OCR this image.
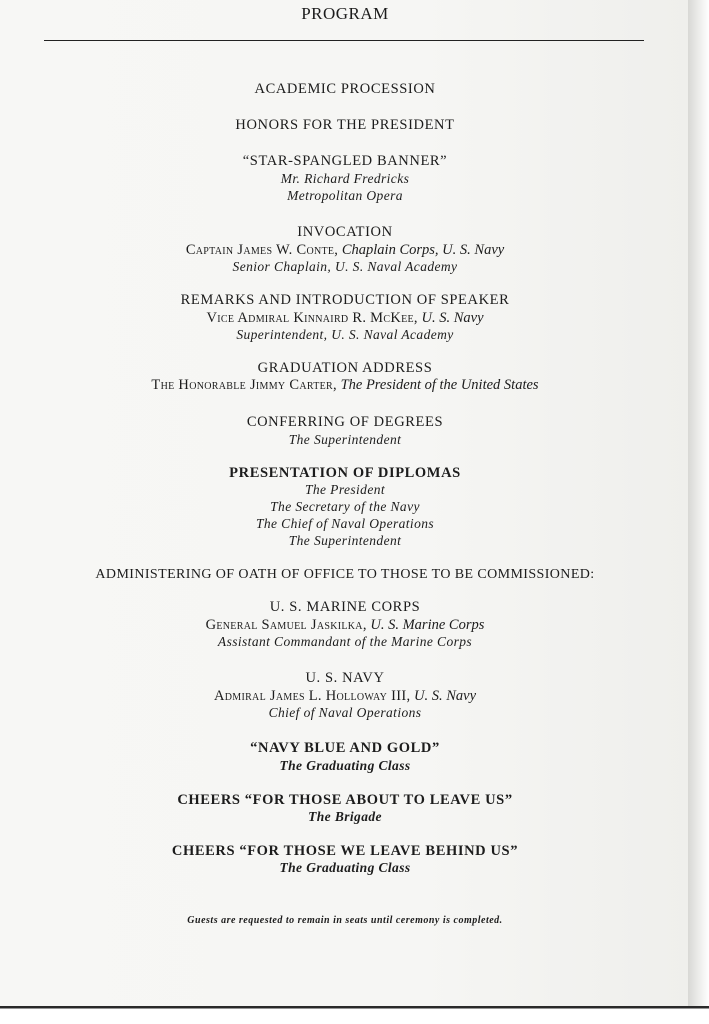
PROGRAM
ACADEMIC PROCESSION
HONORS FOR THE PRESIDENT
“STAR-SPANGLED BANNER”
Mr. Richard Fredricks
Metropolitan Opera
INVOCATION
Captain James W. Conte, Chaplain Corps, U. S. Navy
Senior Chaplain, U. S. Naval Academy
REMARKS AND INTRODUCTION OF SPEAKER
Vice Admiral Kinnaird R. McKee, U. S. Navy
Superintendent, U. S. Naval Academy
GRADUATION ADDRESS
The Honorable Jimmy Carter, The President of the United States
CONFERRING OF DEGREES
The Superintendent
PRESENTATION OF DIPLOMAS
The President
The Secretary of the Navy
The Chief of Naval Operations
The Superintendent
ADMINISTERING OF OATH OF OFFICE TO THOSE TO BE COMMISSIONED:
U. S. MARINE CORPS
General Samuel Jaskilka, U. S. Marine Corps
Assistant Commandant of the Marine Corps
U. S. NAVY
Admiral James L. Holloway III, U. S. Navy
Chief of Naval Operations
“NAVY BLUE AND GOLD”
The Graduating Class
CHEERS “FOR THOSE ABOUT TO LEAVE US”
The Brigade
CHEERS “FOR THOSE WE LEAVE BEHIND US”
The Graduating Class
Guests are requested to remain in seats until ceremony is completed.
